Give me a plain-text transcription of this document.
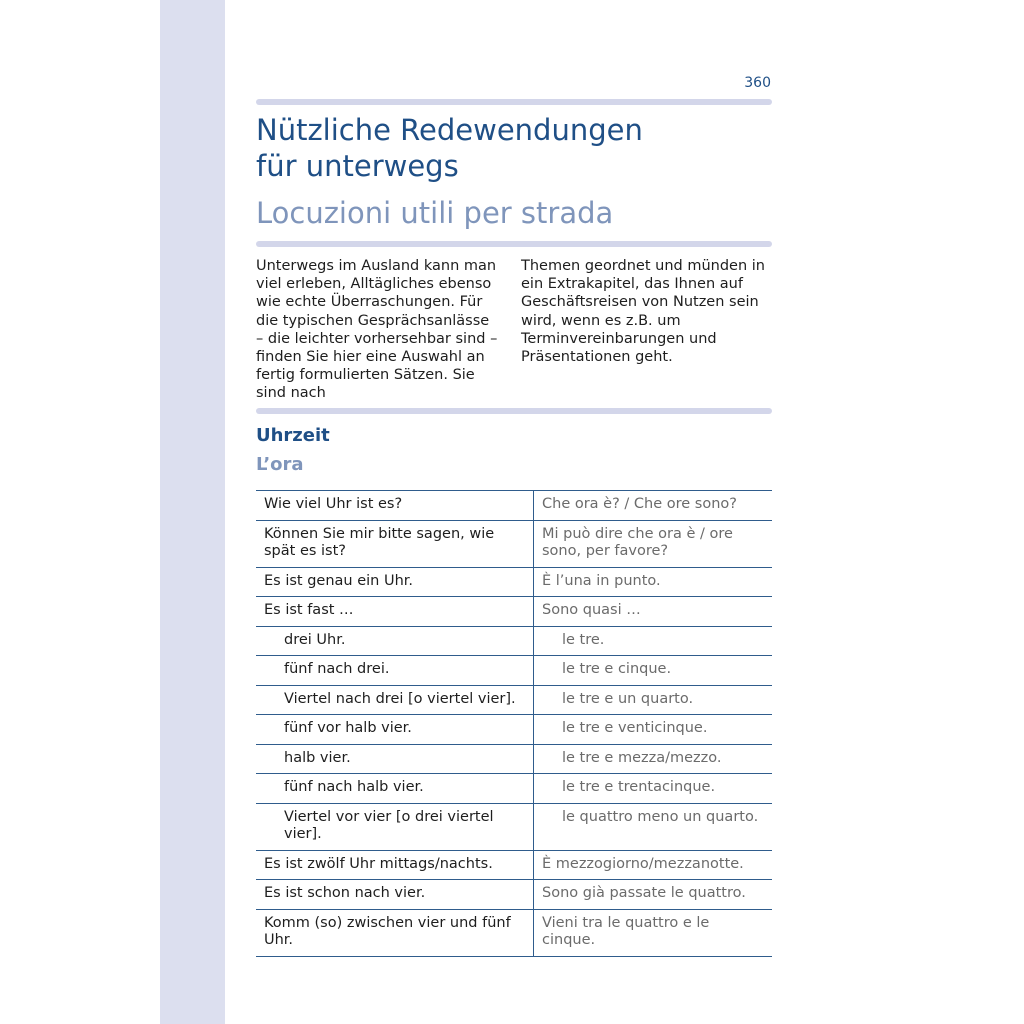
360
Nützliche Redewendungen
für unterwegs
Locuzioni utili per strada

Unterwegs im Ausland kann man viel erleben, Alltägliches ebenso wie echte Überraschungen. Für die typischen Gesprächsanlässe – die leichter vorhersehbar sind – finden Sie hier eine Auswahl an fertig formulierten Sätzen. Sie sind nach

Themen geordnet und münden in ein Extrakapitel, das Ihnen auf Geschäftsreisen von Nutzen sein wird, wenn es z.B. um Terminvereinbarungen und Präsentationen geht.

Uhrzeit
L’ora
Wie viel Uhr ist es?	Che ora è? / Che ore sono?
Können Sie mir bitte sagen, wie spät es ist?	Mi può dire che ora è / ore sono, per favore?
Es ist genau ein Uhr.	È l’una in punto.
Es ist fast …	Sono quasi …
drei Uhr.	le tre.
fünf nach drei.	le tre e cinque.
Viertel nach drei [o viertel vier].	le tre e un quarto.
fünf vor halb vier.	le tre e venticinque.
halb vier.	le tre e mezza/mezzo.
fünf nach halb vier.	le tre e trentacinque.
Viertel vor vier [o drei viertel vier].	le quattro meno un quarto.
Es ist zwölf Uhr mittags/nachts.	È mezzogiorno/mezzanotte.
Es ist schon nach vier.	Sono già passate le quattro.
Komm (so) zwischen vier und fünf Uhr.	Vieni tra le quattro e le cinque.
